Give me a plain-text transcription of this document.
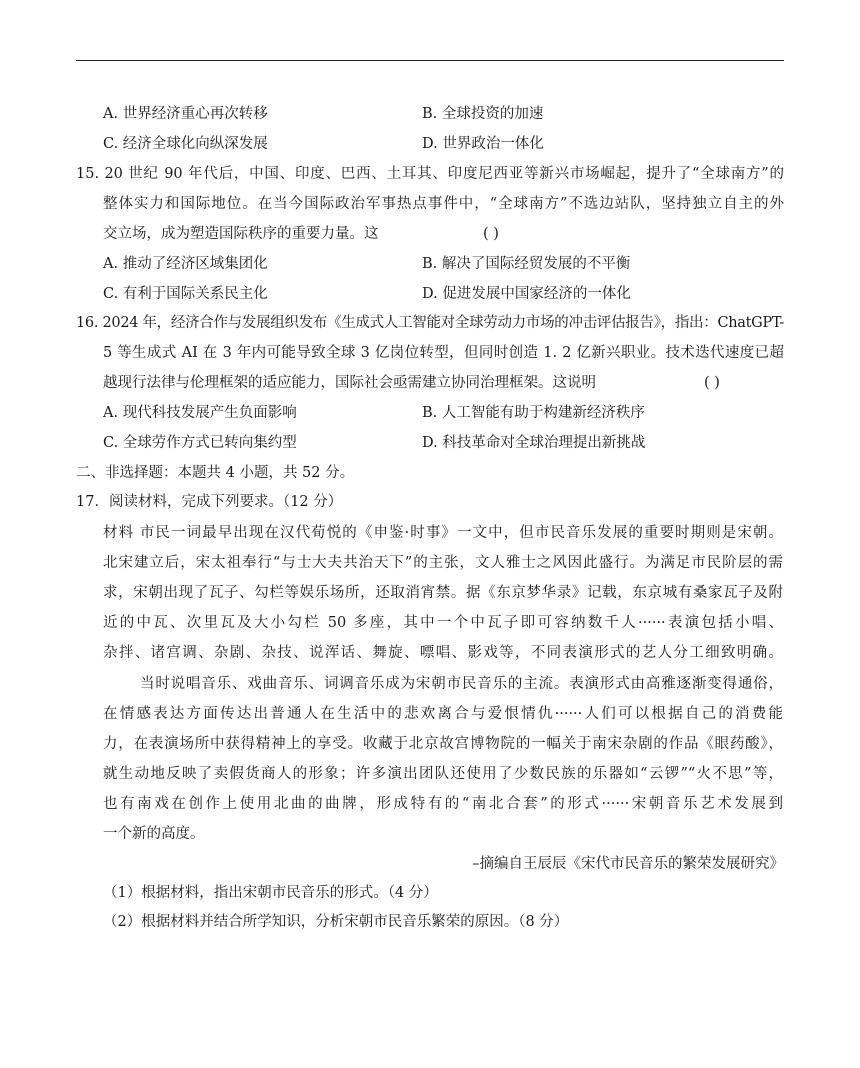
A. 世界经济重心再次转移	B. 全球投资的加速
C. 经济全球化向纵深发展	D. 世界政治一体化
15. 20 世纪 90 年代后，中国、印度、巴西、土耳其、印度尼西亚等新兴市场崛起，提升了“全球南方”的
整体实力和国际地位。在当今国际政治军事热点事件中，“全球南方”不选边站队，坚持独立自主的外
交立场，成为塑造国际秩序的重要力量。这	( )
A. 推动了经济区域集团化	B. 解决了国际经贸发展的不平衡
C. 有利于国际关系民主化	D. 促进发展中国家经济的一体化
16. 2024 年，经济合作与发展组织发布《生成式人工智能对全球劳动力市场的冲击评估报告》，指出：ChatGPT-
5 等生成式 AI 在 3 年内可能导致全球 3 亿岗位转型，但同时创造 1. 2 亿新兴职业。技术迭代速度已超
越现行法律与伦理框架的适应能力，国际社会亟需建立协同治理框架。这说明	( )
A. 现代科技发展产生负面影响	B. 人工智能有助于构建新经济秩序
C. 全球劳作方式已转向集约型	D. 科技革命对全球治理提出新挑战
二、非选择题：本题共 4 小题，共 52 分。
17．阅读材料，完成下列要求。（12 分）
材料 市民一词最早出现在汉代荀悦的《申鉴·时事》一文中，但市民音乐发展的重要时期则是宋朝。
北宋建立后，宋太祖奉行“与士大夫共治天下”的主张，文人雅士之风因此盛行。为满足市民阶层的需
求，宋朝出现了瓦子、勾栏等娱乐场所，还取消宵禁。据《东京梦华录》记载，东京城有桑家瓦子及附
近的中瓦、次里瓦及大小勾栏 50 多座，其中一个中瓦子即可容纳数千人······表演包括小唱、
杂拌、诸宫调、杂剧、杂技、说浑话、舞旋、嘌唱、影戏等，不同表演形式的艺人分工细致明确。
当时说唱音乐、戏曲音乐、词调音乐成为宋朝市民音乐的主流。表演形式由高雅逐渐变得通俗，
在情感表达方面传达出普通人在生活中的悲欢离合与爱恨情仇······人们可以根据自己的消费能
力，在表演场所中获得精神上的享受。收藏于北京故宫博物院的一幅关于南宋杂剧的作品《眼药酸》，
就生动地反映了卖假货商人的形象；许多演出团队还使用了少数民族的乐器如“云锣”“火不思”等，
也有南戏在创作上使用北曲的曲牌，形成特有的“南北合套”的形式······宋朝音乐艺术发展到
一个新的高度。
–摘编自王辰辰《宋代市民音乐的繁荣发展研究》
（1）根据材料，指出宋朝市民音乐的形式。（4 分）
（2）根据材料并结合所学知识，分析宋朝市民音乐繁荣的原因。（8 分）
